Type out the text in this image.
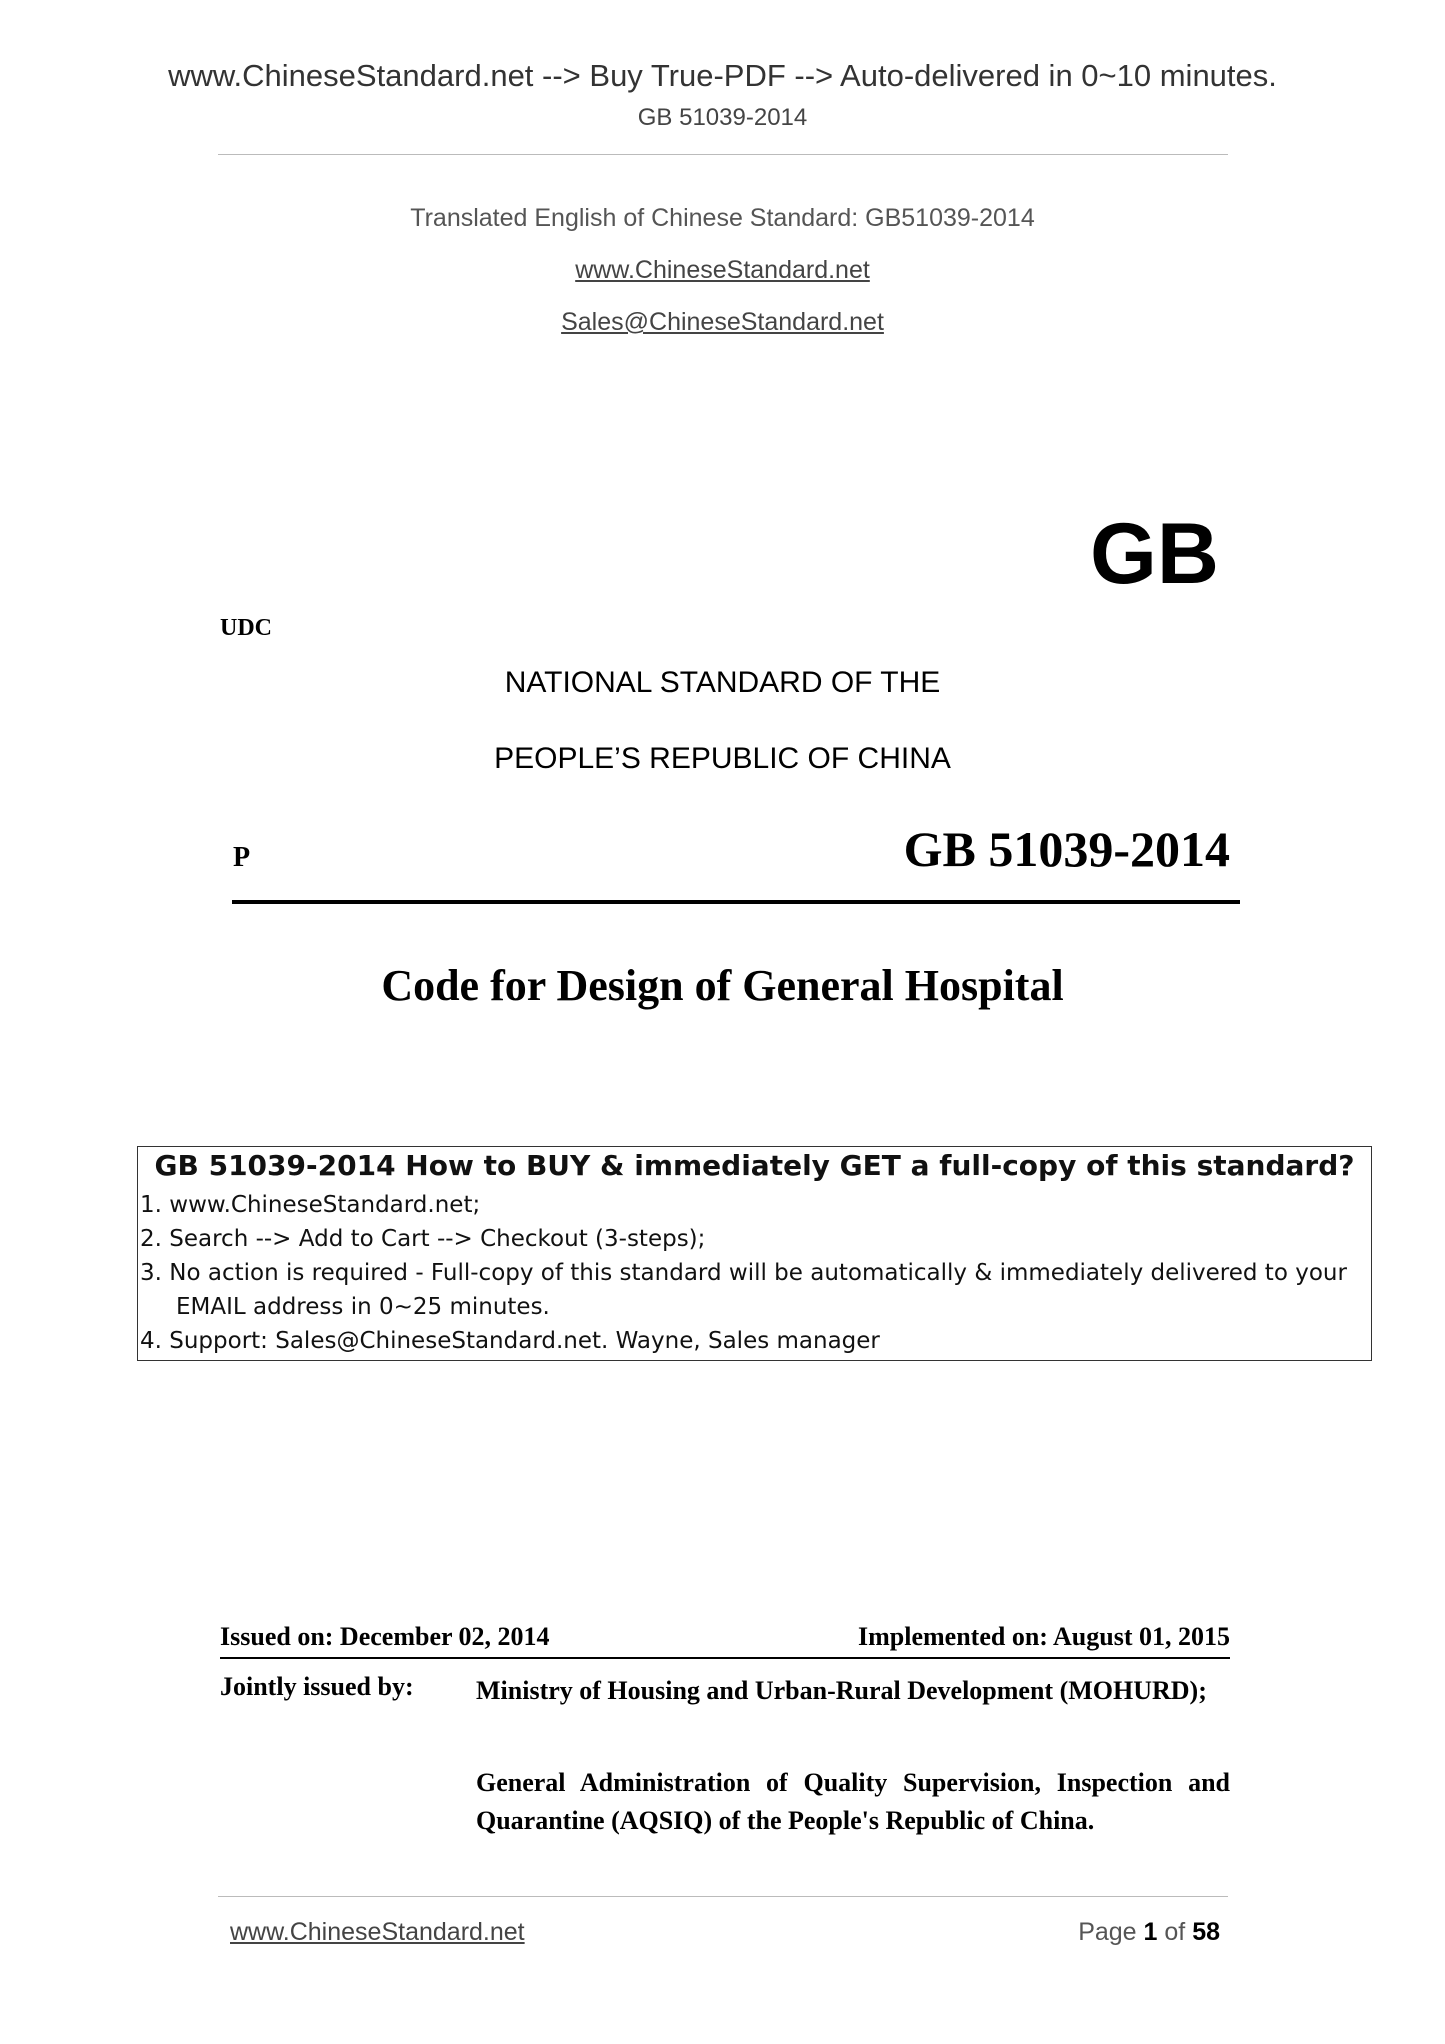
www.ChineseStandard.net --> Buy True-PDF --> Auto-delivered in 0~10 minutes.
GB 51039-2014
Translated English of Chinese Standard: GB51039-2014
www.ChineseStandard.net
Sales@ChineseStandard.net
GB
UDC
NATIONAL STANDARD OF THE
PEOPLE’S REPUBLIC OF CHINA
P	GB 51039-2014
Code for Design of General Hospital
GB 51039-2014 How to BUY & immediately GET a full-copy of this standard?
1. www.ChineseStandard.net;
2. Search --> Add to Cart --> Checkout (3-steps);
3. No action is required - Full-copy of this standard will be automatically & immediately delivered to your EMAIL address in 0~25 minutes.
4. Support: Sales@ChineseStandard.net. Wayne, Sales manager
Issued on: December 02, 2014	Implemented on: August 01, 2015
Jointly issued by: Ministry of Housing and Urban-Rural Development (MOHURD);
General Administration of Quality Supervision, Inspection and Quarantine (AQSIQ) of the People's Republic of China.
www.ChineseStandard.net	Page 1 of 58
